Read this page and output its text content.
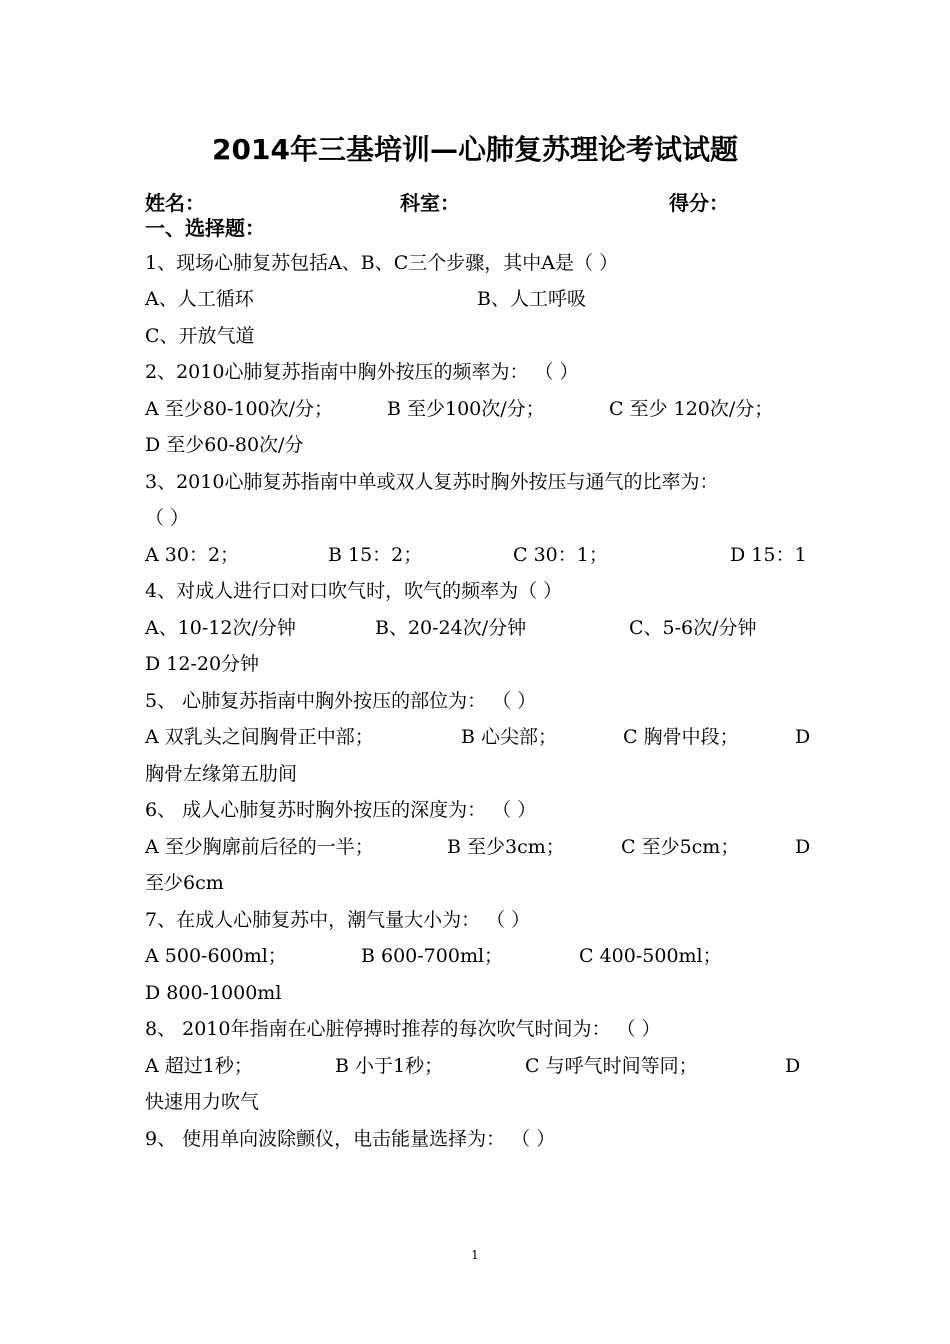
2014年三基培训—心肺复苏理论考试试题
姓名：	科室：	得分：
一、选择题：
1、现场心肺复苏包括A、B、C三个步骤，其中A是（ ）
A、人工循环	B、人工呼吸
C、开放气道
2、2010心肺复苏指南中胸外按压的频率为： （ ）
A 至少80-100次/分；	B 至少100次/分；	C 至少 120次/分；
D 至少60-80次/分
3、2010心肺复苏指南中单或双人复苏时胸外按压与通气的比率为：
（ ）
A 30：2；	B 15：2；	C 30：1；	D 15：1
4、对成人进行口对口吹气时，吹气的频率为（ ）
A、10-12次/分钟	B、20-24次/分钟	C、5-6次/分钟
D 12-20分钟
5、 心肺复苏指南中胸外按压的部位为： （ ）
A 双乳头之间胸骨正中部；	B 心尖部；	C 胸骨中段；	D
胸骨左缘第五肋间
6、 成人心肺复苏时胸外按压的深度为： （ ）
A 至少胸廓前后径的一半；	B 至少3cm；	C 至少5cm；	D
至少6cm
7、在成人心肺复苏中，潮气量大小为： （ ）
A 500-600ml；	B 600-700ml；	C 400-500ml；
D 800-1000ml
8、 2010年指南在心脏停搏时推荐的每次吹气时间为： （ ）
A 超过1秒；	B 小于1秒；	C 与呼气时间等同；	D
快速用力吹气
9、 使用单向波除颤仪，电击能量选择为： （ ）
1
